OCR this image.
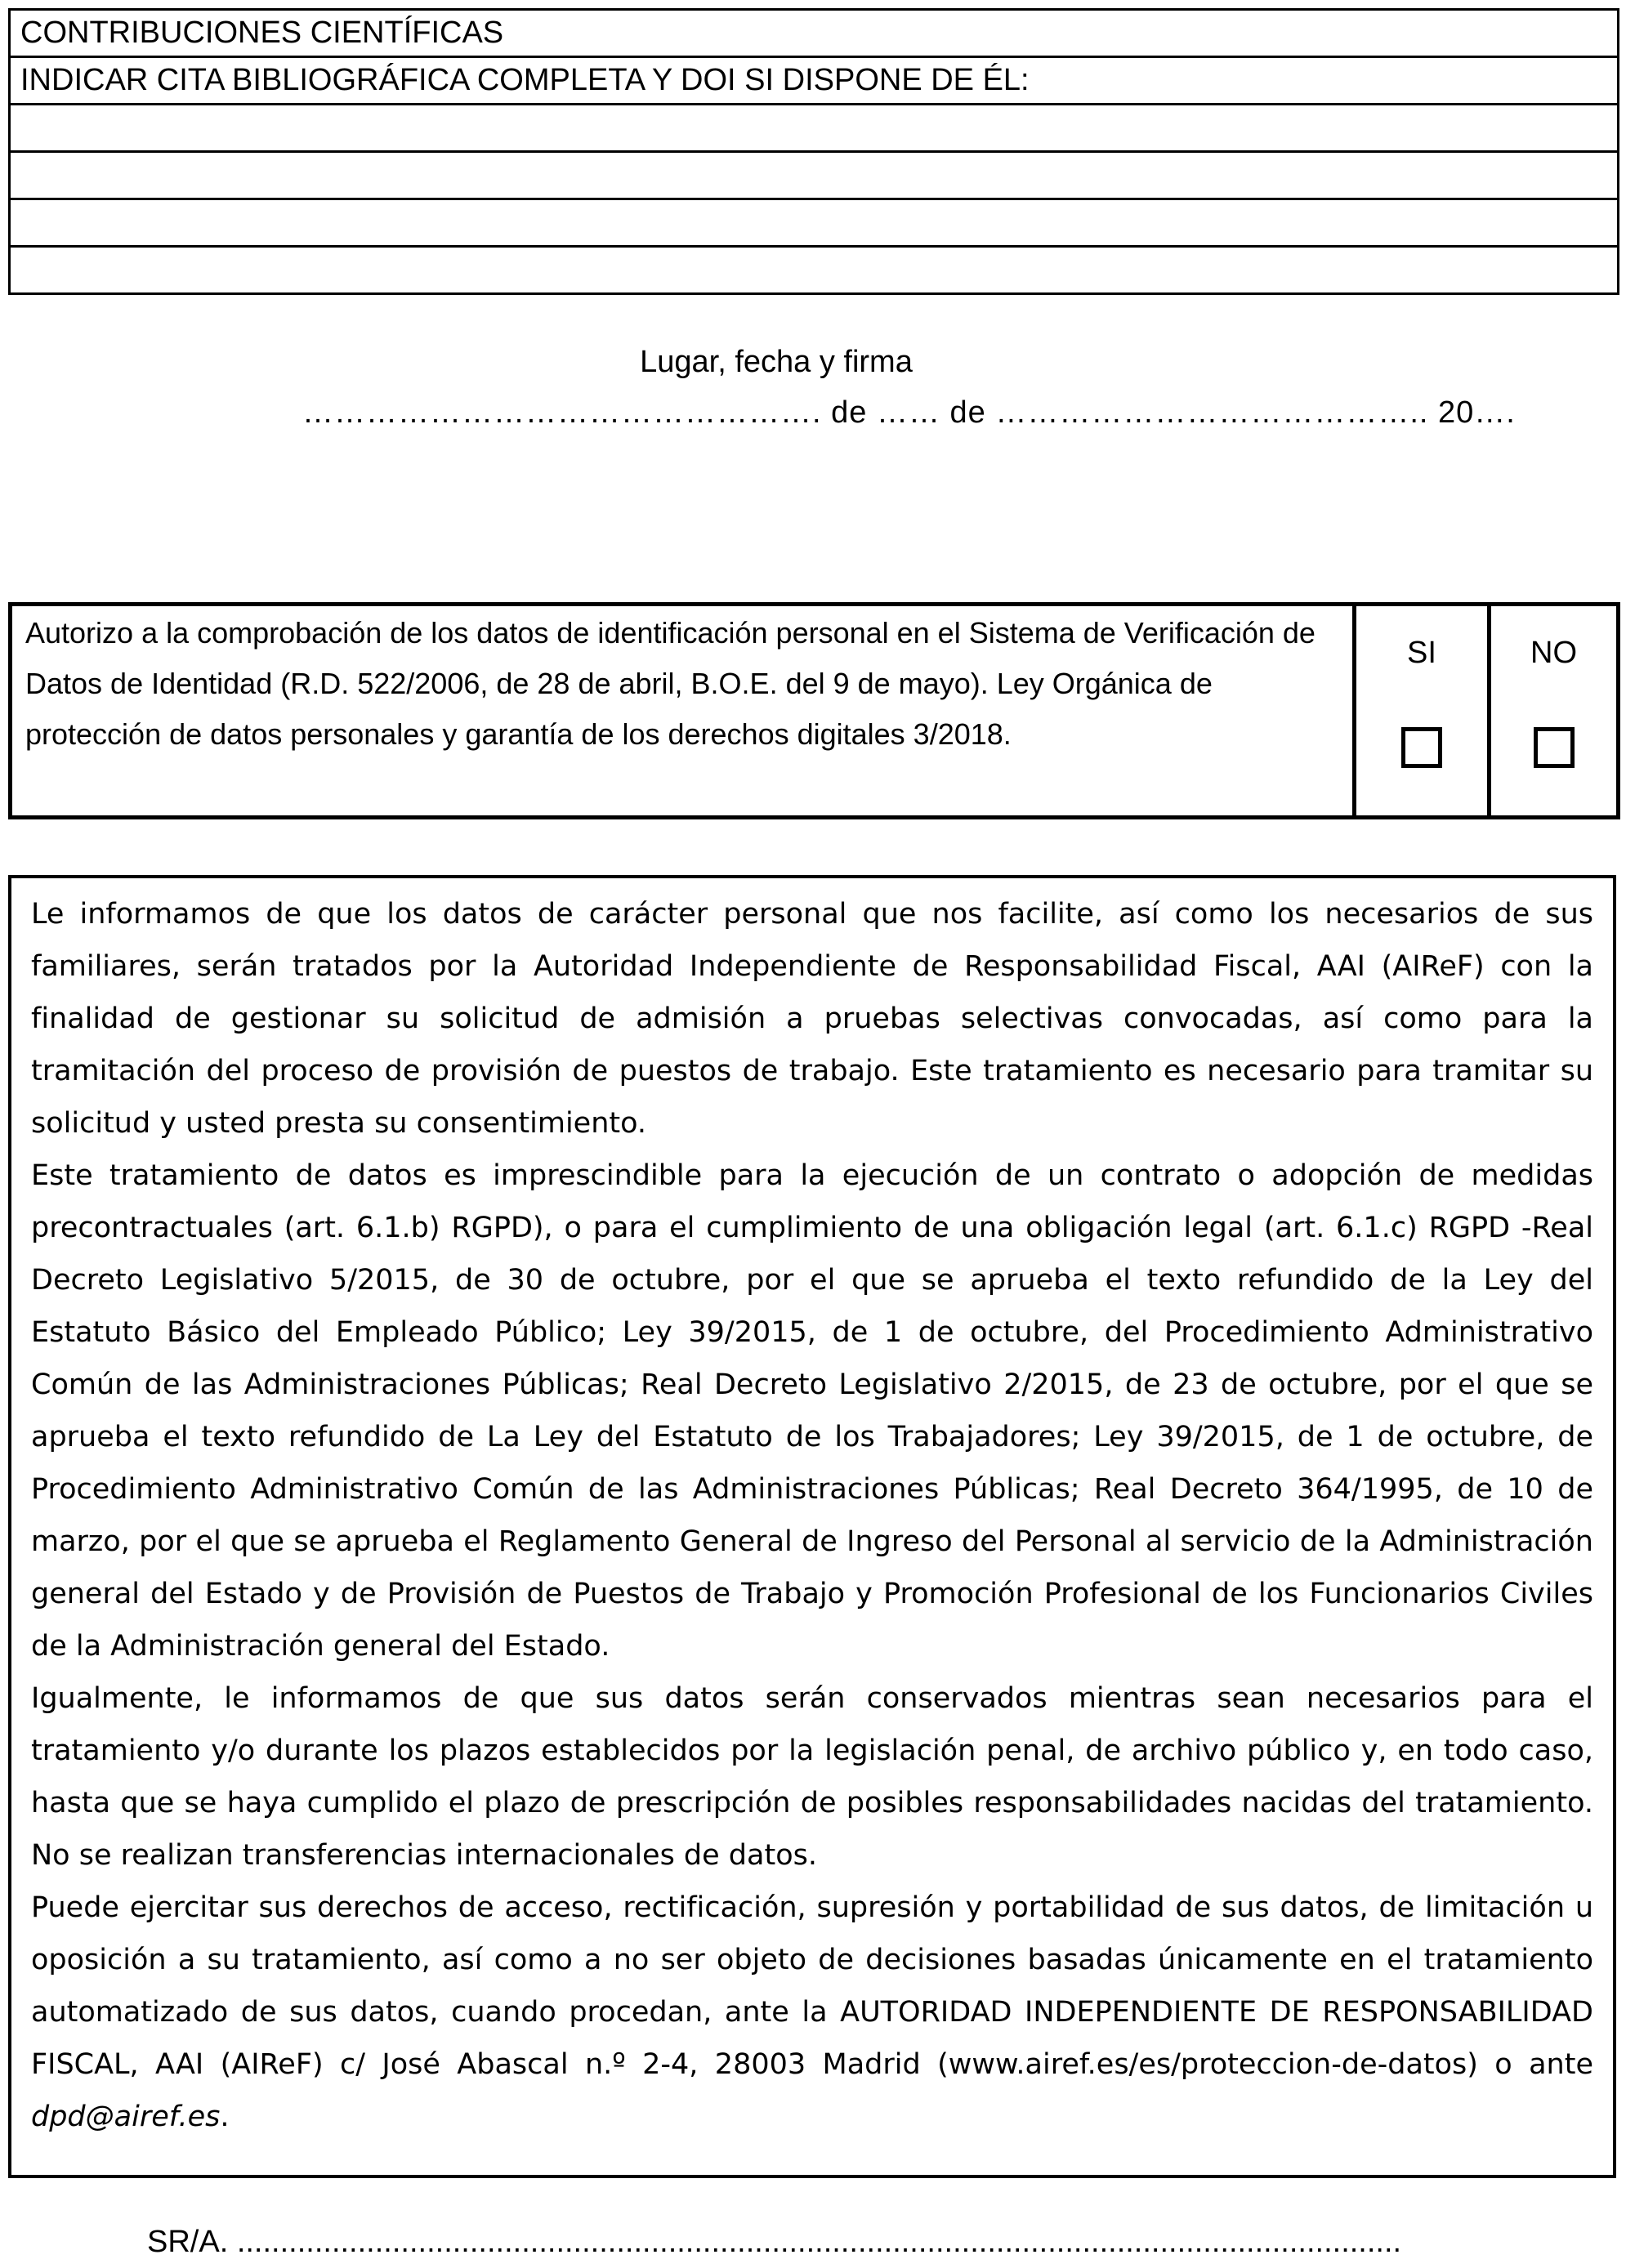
CONTRIBUCIONES CIENTÍFICAS
INDICAR CITA BIBLIOGRÁFICA COMPLETA Y DOI SI DISPONE DE ÉL:
Lugar, fecha y firma
…………………………………………. de …… de ………………………………….. 20….
Autorizo a la comprobación de los datos de identificación personal en el Sistema de Verificación de Datos de Identidad (R.D. 522/2006, de 28 de abril, B.O.E. del 9 de mayo). Ley Orgánica de protección de datos personales y garantía de los derechos digitales 3/2018.
SI	NO

Le informamos de que los datos de carácter personal que nos facilite, así como los necesarios de sus familiares, serán tratados por la Autoridad Independiente de Responsabilidad Fiscal, AAI (AIReF) con la finalidad de gestionar su solicitud de admisión a pruebas selectivas convocadas, así como para la tramitación del proceso de provisión de puestos de trabajo. Este tratamiento es necesario para tramitar su solicitud y usted presta su consentimiento.

Este tratamiento de datos es imprescindible para la ejecución de un contrato o adopción de medidas precontractuales (art. 6.1.b) RGPD), o para el cumplimiento de una obligación legal (art. 6.1.c) RGPD -Real Decreto Legislativo 5/2015, de 30 de octubre, por el que se aprueba el texto refundido de la Ley del Estatuto Básico del Empleado Público; Ley 39/2015, de 1 de octubre, del Procedimiento Administrativo Común de las Administraciones Públicas; Real Decreto Legislativo 2/2015, de 23 de octubre, por el que se aprueba el texto refundido de La Ley del Estatuto de los Trabajadores; Ley 39/2015, de 1 de octubre, de Procedimiento Administrativo Común de las Administraciones Públicas; Real Decreto 364/1995, de 10 de marzo, por el que se aprueba el Reglamento General de Ingreso del Personal al servicio de la Administración general del Estado y de Provisión de Puestos de Trabajo y Promoción Profesional de los Funcionarios Civiles de la Administración general del Estado.

Igualmente, le informamos de que sus datos serán conservados mientras sean necesarios para el tratamiento y/o durante los plazos establecidos por la legislación penal, de archivo público y, en todo caso, hasta que se haya cumplido el plazo de prescripción de posibles responsabilidades nacidas del tratamiento. No se realizan transferencias internacionales de datos.

Puede ejercitar sus derechos de acceso, rectificación, supresión y portabilidad de sus datos, de limitación u oposición a su tratamiento, así como a no ser objeto de decisiones basadas únicamente en el tratamiento automatizado de sus datos, cuando procedan, ante la AUTORIDAD INDEPENDIENTE DE RESPONSABILIDAD FISCAL, AAI (AIReF) c/ José Abascal n.º 2-4, 28003 Madrid (www.airef.es/es/proteccion-de-datos) o ante dpd@airef.es.

SR/A. .......................................................................................................................................
